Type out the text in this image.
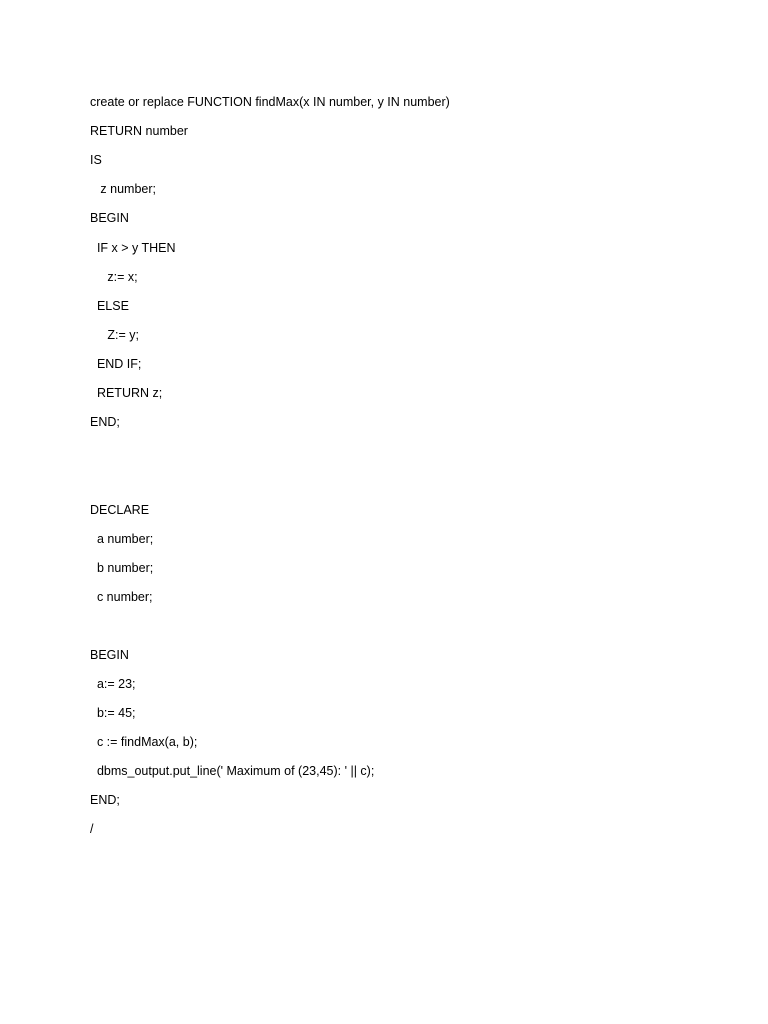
create or replace FUNCTION findMax(x IN number, y IN number)

RETURN number

IS

z number;

BEGIN

IF x > y THEN

z:= x;

ELSE

Z:= y;

END IF;

RETURN z;

END;

DECLARE

a number;

b number;

c number;

BEGIN

a:= 23;

b:= 45;

c := findMax(a, b);

dbms_output.put_line(' Maximum of (23,45): ' || c);

END;

/
